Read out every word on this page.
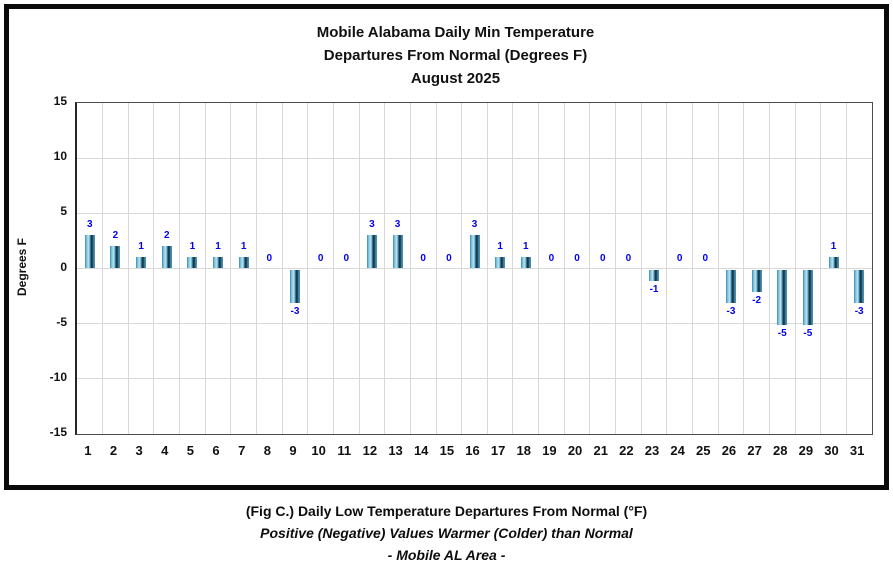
Mobile Alabama Daily Min Temperature
Departures From Normal (Degrees F)
August 2025
Degrees F
3
2
1
2
1	1	1
0
-3
0	0
3	3
0	0
3
1	1
0	0	0	0
-1
0	0
-3
-2
-5	-5
1
-3
15
10
5
0
-5
-10
-15
1	2	3	4	5	6	7	8	9	10 11 12 13 14 15 16 17 18 19 20 21 22 23 24 25 26 27 28 29 30 31
(Fig C.) Daily Low Temperature Departures From Normal (°F)
Positive (Negative) Values Warmer (Colder) than Normal
- Mobile AL Area -
